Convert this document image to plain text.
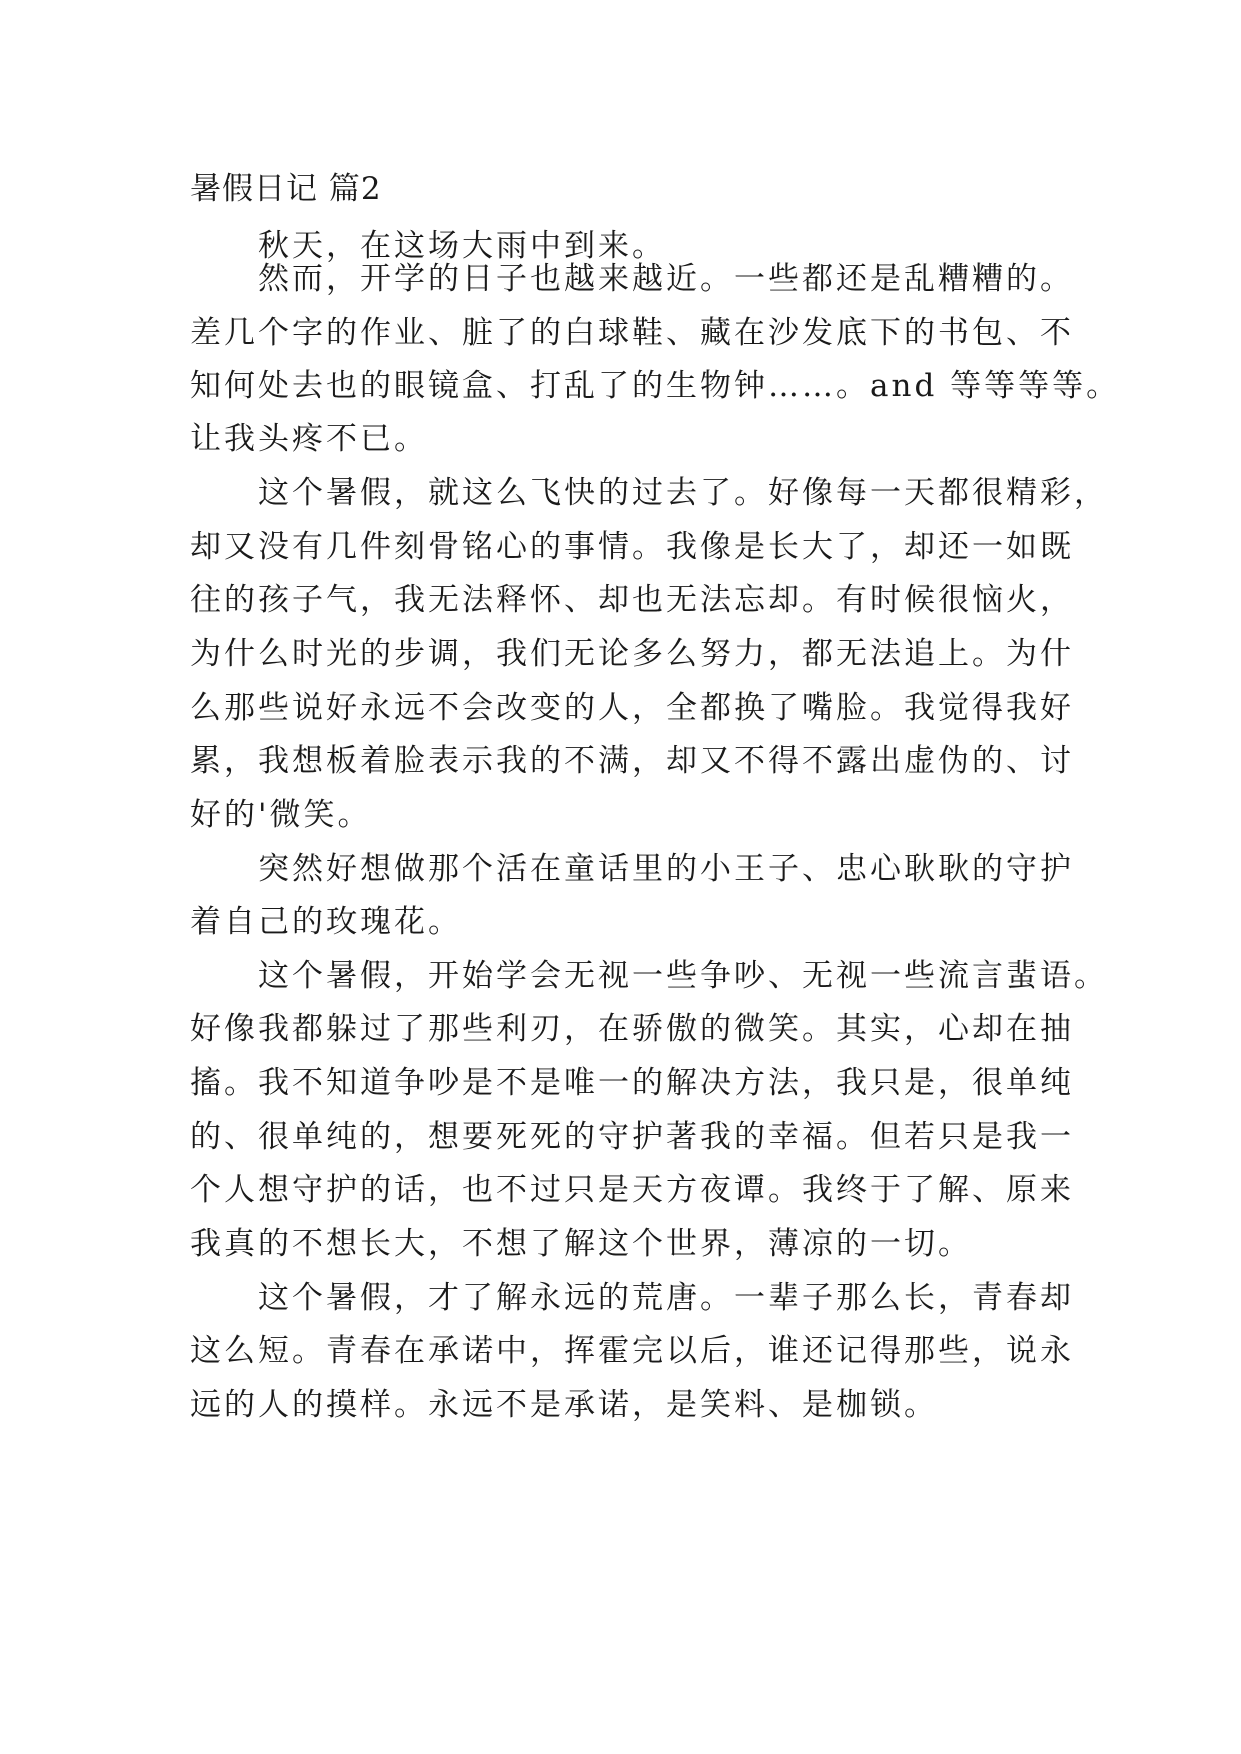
暑假日记 篇2
秋天，在这场大雨中到来。
然而，开学的日子也越来越近。一些都还是乱糟糟的。
差几个字的作业、脏了的白球鞋、藏在沙发底下的书包、不
知何处去也的眼镜盒、打乱了的生物钟……。and 等等等等。
让我头疼不已。
这个暑假，就这么飞快的过去了。好像每一天都很精彩，
却又没有几件刻骨铭心的事情。我像是长大了，却还一如既
往的孩子气，我无法释怀、却也无法忘却。有时候很恼火，
为什么时光的步调，我们无论多么努力，都无法追上。为什
么那些说好永远不会改变的人，全都换了嘴脸。我觉得我好
累，我想板着脸表示我的不满，却又不得不露出虚伪的、讨
好的'微笑。
突然好想做那个活在童话里的小王子、忠心耿耿的守护
着自己的玫瑰花。
这个暑假，开始学会无视一些争吵、无视一些流言蜚语。
好像我都躲过了那些利刃，在骄傲的微笑。其实，心却在抽
搐。我不知道争吵是不是唯一的解决方法，我只是，很单纯
的、很单纯的，想要死死的守护著我的幸福。但若只是我一
个人想守护的话，也不过只是天方夜谭。我终于了解、原来
我真的不想长大，不想了解这个世界，薄凉的一切。
这个暑假，才了解永远的荒唐。一辈子那么长，青春却
这么短。青春在承诺中，挥霍完以后，谁还记得那些，说永
远的人的摸样。永远不是承诺，是笑料、是枷锁。
